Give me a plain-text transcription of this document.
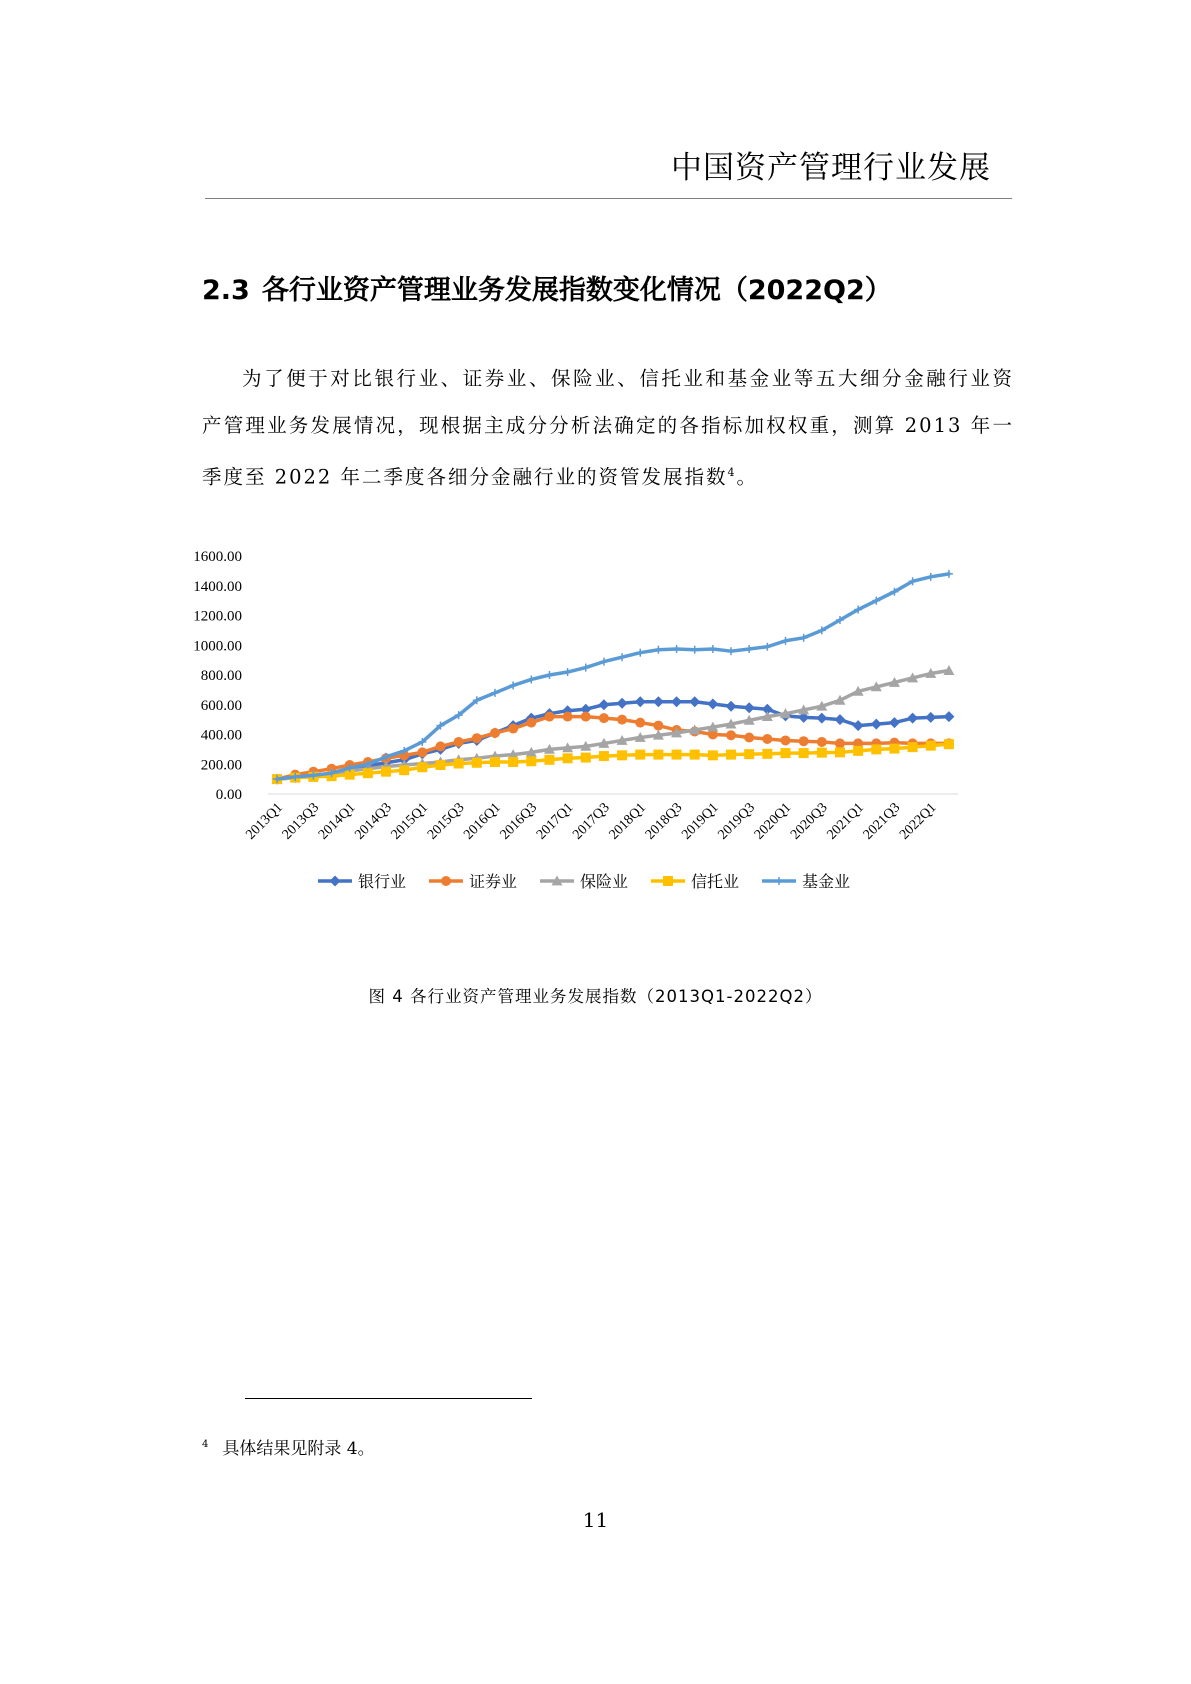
中国资产管理行业发展
2.3 各行业资产管理业务发展指数变化情况（2022Q2）
为了便于对比银行业、证券业、保险业、信托业和基金业等五大细分金融行业资产管理业务发展情况，现根据主成分分析法确定的各指标加权权重，测算 2013 年一季度至 2022 年二季度各细分金融行业的资管发展指数$^4$。
0.00
200.00
400.00
600.00
800.00
1000.00
1200.00
1400.00
1600.00
2013Q1
2013Q3
2014Q1
2014Q3
2015Q1
2015Q3
2016Q1
2016Q3
2017Q1
2017Q3
2018Q1
2018Q3
2019Q1
2019Q3
2020Q1
2020Q3
2021Q1
2021Q3
2022Q1
银行业	证券业	保险业	信托业	基金业
图 4 各行业资产管理业务发展指数（2013Q1-2022Q2）
$^4$ 具体结果见附录 4。
11
